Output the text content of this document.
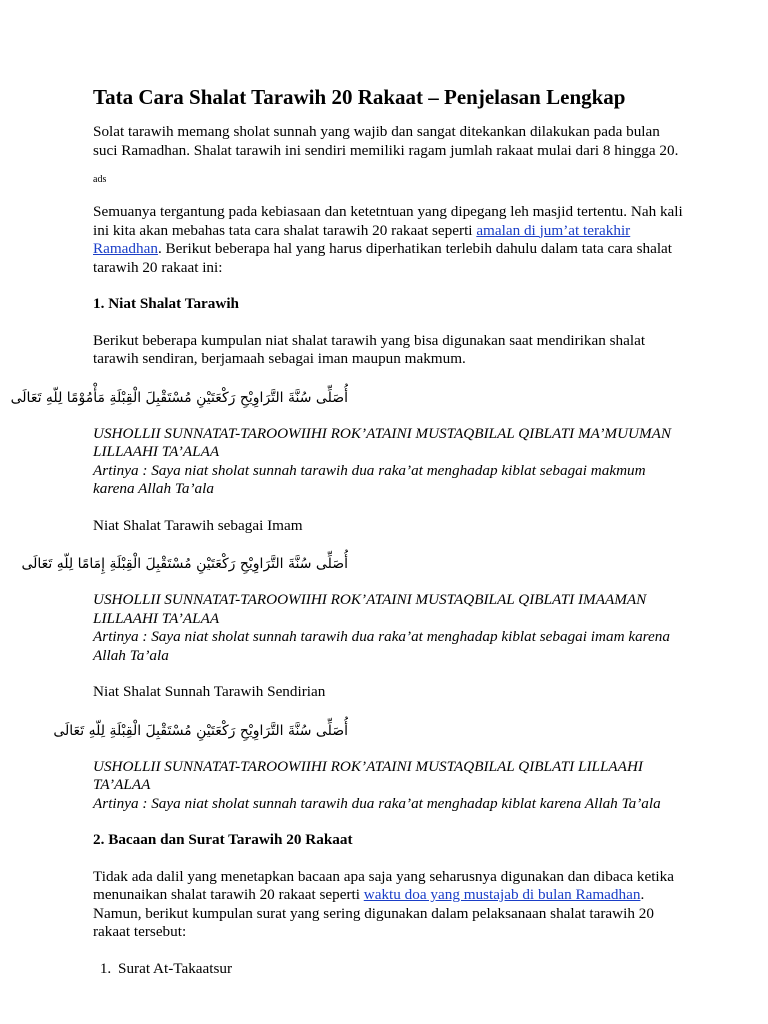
Tata Cara Shalat Tarawih 20 Rakaat – Penjelasan Lengkap

Solat tarawih memang sholat sunnah yang wajib dan sangat ditekankan dilakukan pada bulan suci Ramadhan. Shalat tarawih ini sendiri memiliki ragam jumlah rakaat mulai dari 8 hingga 20.

ads

Semuanya tergantung pada kebiasaan dan ketetntuan yang dipegang leh masjid tertentu. Nah kali ini kita akan mebahas tata cara shalat tarawih 20 rakaat seperti amalan di jum’at terakhir Ramadhan. Berikut beberapa hal yang harus diperhatikan terlebih dahulu dalam tata cara shalat tarawih 20 rakaat ini:

1. Niat Shalat Tarawih

Berikut beberapa kumpulan niat shalat tarawih yang bisa digunakan saat mendirikan shalat tarawih sendiran, berjamaah sebagai iman maupun makmum.

أُصَلِّى سُنَّةَ التَّرَاوِيْحِ رَكْعَتَيْنِ مُسْتَقْبِلَ الْقِبْلَةِ مَأْمُوْمًا لِلّهِ تَعَالَى

USHOLLII SUNNATAT-TAROOWIIHI ROK’ATAINI MUSTAQBILAL QIBLATI MA’MUUMAN LILLAAHI TA’ALAA

Artinya : Saya niat sholat sunnah tarawih dua raka’at menghadap kiblat sebagai makmum karena Allah Ta’ala

Niat Shalat Tarawih sebagai Imam

أُصَلِّى سُنَّةَ التَّرَاوِيْحِ رَكْعَتَيْنِ مُسْتَقْبِلَ الْقِبْلَةِ إِمَامًا لِلّهِ تَعَالَى

USHOLLII SUNNATAT-TAROOWIIHI ROK’ATAINI MUSTAQBILAL QIBLATI IMAAMAN LILLAAHI TA’ALAA

Artinya : Saya niat sholat sunnah tarawih dua raka’at menghadap kiblat sebagai imam karena Allah Ta’ala

Niat Shalat Sunnah Tarawih Sendirian

أُصَلِّى سُنَّةَ التَّرَاوِيْحِ رَكْعَتَيْنِ مُسْتَقْبِلَ الْقِبْلَةِ لِلّهِ تَعَالَى

USHOLLII SUNNATAT-TAROOWIIHI ROK’ATAINI MUSTAQBILAL QIBLATI LILLAAHI TA’ALAA

Artinya : Saya niat sholat sunnah tarawih dua raka’at menghadap kiblat karena Allah Ta’ala

2. Bacaan dan Surat Tarawih 20 Rakaat

Tidak ada dalil yang menetapkan bacaan apa saja yang seharusnya digunakan dan dibaca ketika menunaikan shalat tarawih 20 rakaat seperti waktu doa yang mustajab di bulan Ramadhan. Namun, berikut kumpulan surat yang sering digunakan dalam pelaksanaan shalat tarawih 20 rakaat tersebut:

1. Surat At-Takaatsur
